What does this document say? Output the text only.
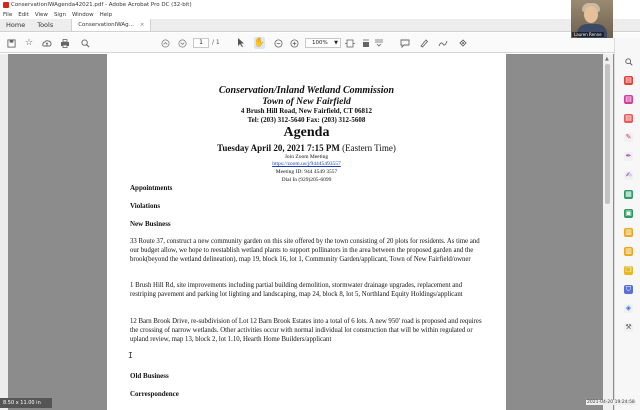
ConservationIWAgenda42021.pdf - Adobe Acrobat Pro DC (32-bit)
File Edit View Sign Window Help
Home	Tools	ConservationIWAg... ×
☆	1	/ 1	✋	100% ▼
Conservation/Inland Wetland Commission
Town of New Fairfield
4 Brush Hill Road, New Fairfield, CT 06812
Tel: (203) 312-5640 Fax: (203) 312-5608
Agenda
Tuesday April 20, 2021 7:15 PM (Eastern Time)
Join Zoom Meeting
https://zoom.us/j/94445493557
Meeting ID: 944 4549 3557
Dial In (929)205-6099
Appointments
Violations
New Business
33 Route 37, construct a new community garden on this site offered by the town consisting of 20 plots for residents. As time and our budget allow, we hope to reestablish wetland plants to support pollinators in the area between the proposed garden and the brook(beyond the wetland delineation), map 19, block 16, lot 1, Community Garden/applicant, Town of New Fairfield/owner
1 Brush Hill Rd, site improvements including partial building demolition, stormwater drainage upgrades, replacement and restriping pavement and parking lot lighting and landscaping, map 24, block 8, lot 5, Northland Equity Holdings/applicant
12 Barn Brook Drive, re-subdivision of Lot 12 Barn Brook Estates into a total of 6 lots. A new 950' road is proposed and requires the crossing of narrow wetlands. Other activities occur with normal individual lot construction that will be within regulated or upland review, map 13, block 2, lot 1.10, Hearth Home Builders/applicant
Old Business
Correspondence
I
▲
▤
▤
▤
✎
✒
✍
▦
▣
▥
▥
❐
⛉
◈
⚒
Lauren Renne
8.50 x 11.00 in	2021-04-20 19:24:58
